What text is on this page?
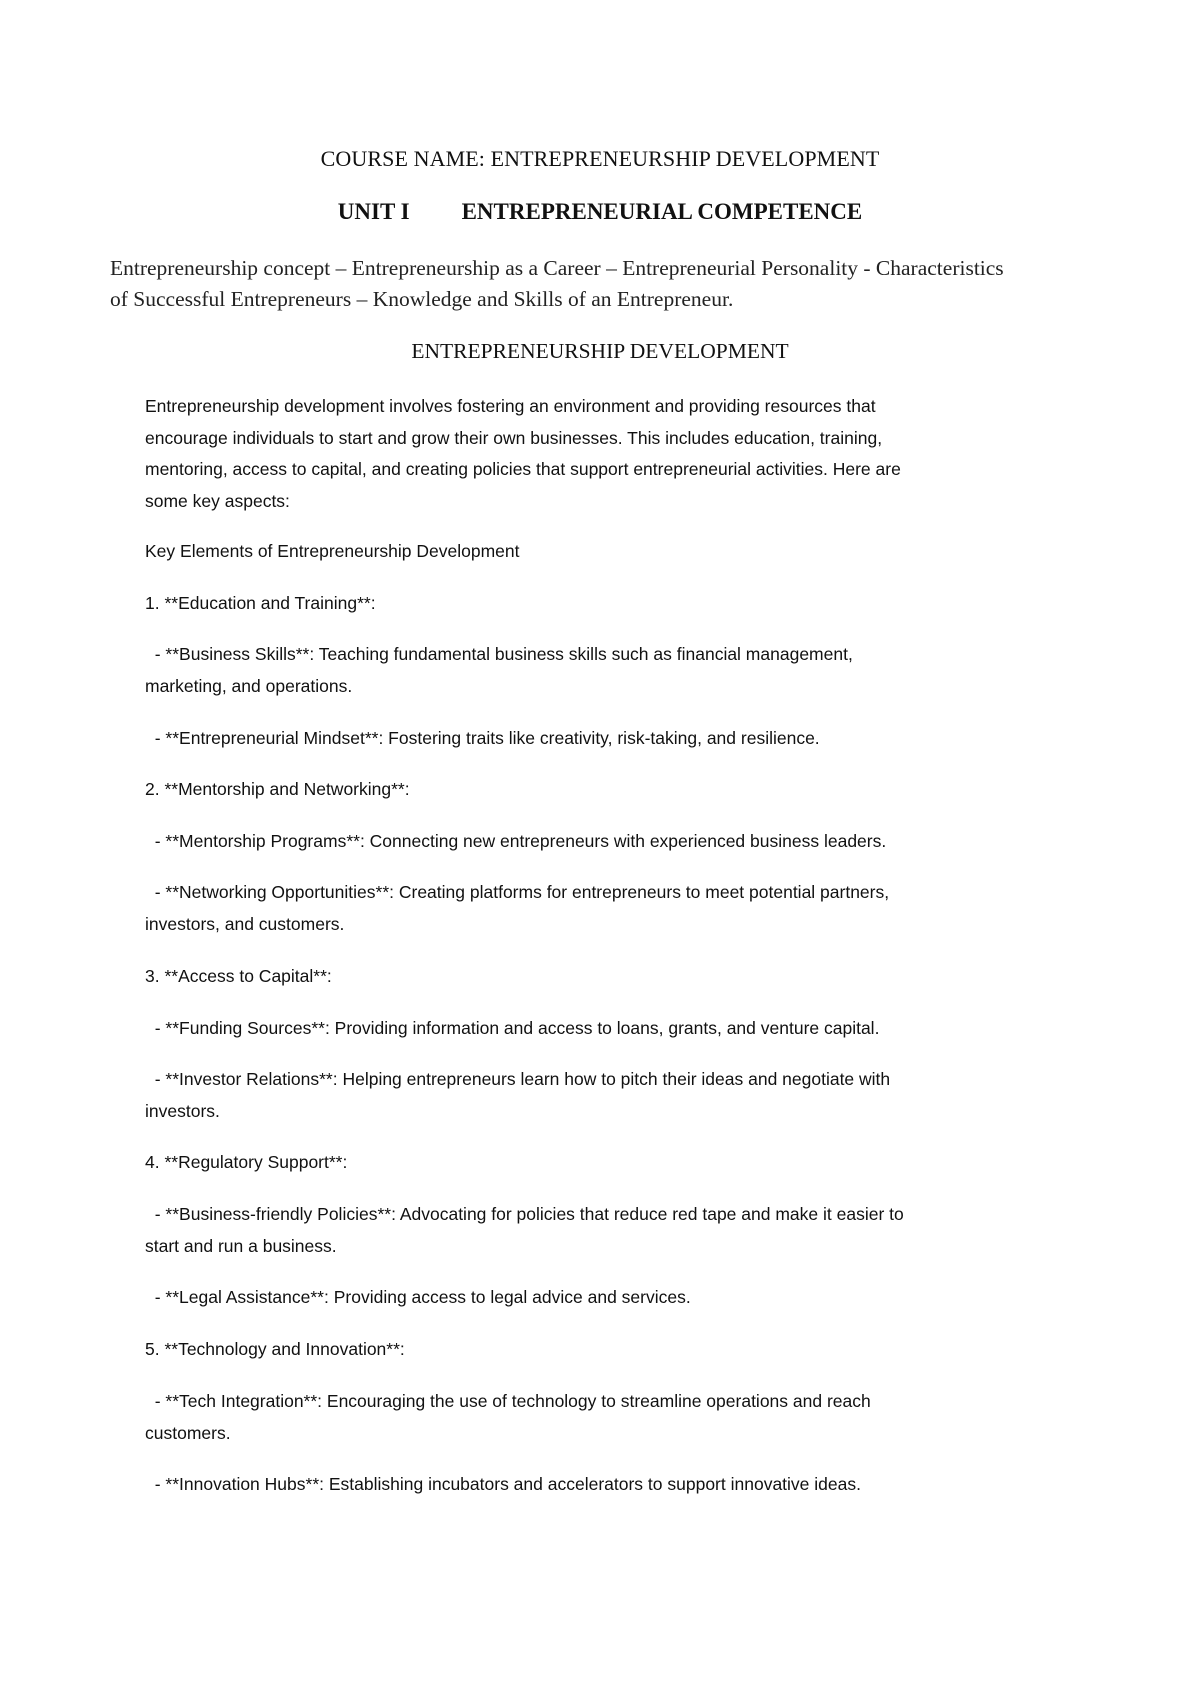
COURSE NAME: ENTREPRENEURSHIP DEVELOPMENT
UNIT I ENTREPRENEURIAL COMPETENCE
Entrepreneurship concept – Entrepreneurship as a Career – Entrepreneurial Personality - Characteristics
of Successful Entrepreneurs – Knowledge and Skills of an Entrepreneur.
ENTREPRENEURSHIP DEVELOPMENT
Entrepreneurship development involves fostering an environment and providing resources that
encourage individuals to start and grow their own businesses. This includes education, training,
mentoring, access to capital, and creating policies that support entrepreneurial activities. Here are
some key aspects:
Key Elements of Entrepreneurship Development
1. **Education and Training**:
- **Business Skills**: Teaching fundamental business skills such as financial management,
marketing, and operations.
- **Entrepreneurial Mindset**: Fostering traits like creativity, risk-taking, and resilience.
2. **Mentorship and Networking**:
- **Mentorship Programs**: Connecting new entrepreneurs with experienced business leaders.
- **Networking Opportunities**: Creating platforms for entrepreneurs to meet potential partners,
investors, and customers.
3. **Access to Capital**:
- **Funding Sources**: Providing information and access to loans, grants, and venture capital.
- **Investor Relations**: Helping entrepreneurs learn how to pitch their ideas and negotiate with
investors.
4. **Regulatory Support**:
- **Business-friendly Policies**: Advocating for policies that reduce red tape and make it easier to
start and run a business.
- **Legal Assistance**: Providing access to legal advice and services.
5. **Technology and Innovation**:
- **Tech Integration**: Encouraging the use of technology to streamline operations and reach
customers.
- **Innovation Hubs**: Establishing incubators and accelerators to support innovative ideas.
